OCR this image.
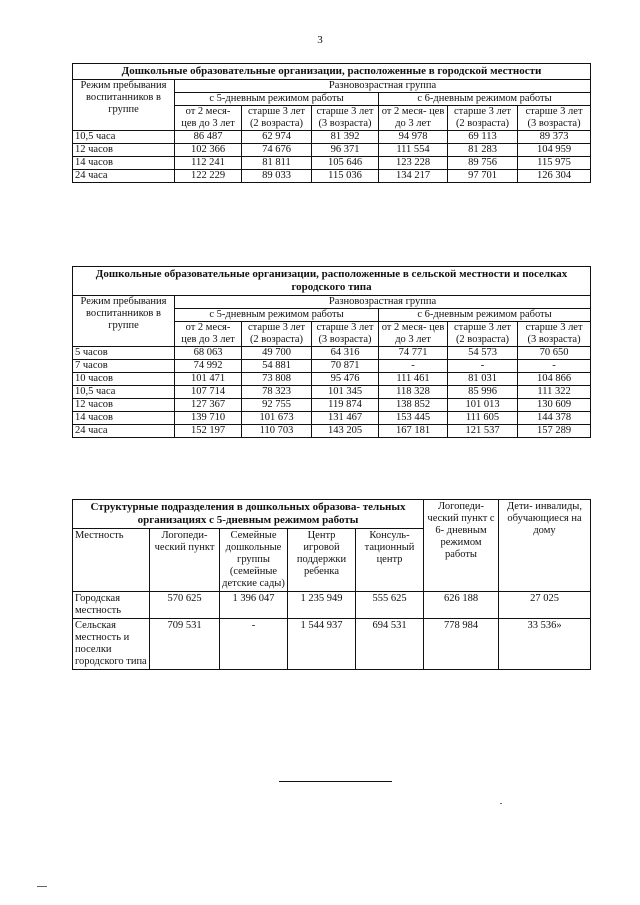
3
Дошкольные образовательные организации, расположенные в городской местности						
Режим пребывания воспитанников в группе	Разновозрастная группа					
	с 5-дневным режимом работы			с 6-дневным режимом работы		
	от 2 меся- цев до 3 лет	старше 3 лет (2 возраста)	старше 3 лет (3 возраста)	от 2 меся- цев до 3 лет	старше 3 лет (2 возраста)	старше 3 лет (3 возраста)
10,5 часа	86 487	62 974	81 392	94 978	69 113	89 373
12 часов	102 366	74 676	96 371	111 554	81 283	104 959
14 часов	112 241	81 811	105 646	123 228	89 756	115 975
24 часа	122 229	89 033	115 036	134 217	97 701	126 304
Дошкольные образовательные организации, расположенные в сельской местности и поселках городского типа						
Режим пребывания воспитанников в группе	Разновозрастная группа					
	с 5-дневным режимом работы			с 6-дневным режимом работы		
	от 2 меся- цев до 3 лет	старше 3 лет (2 возраста)	старше 3 лет (3 возраста)	от 2 меся- цев до 3 лет	старше 3 лет (2 возраста)	старше 3 лет (3 возраста)
5 часов	68 063	49 700	64 316	74 771	54 573	70 650
7 часов	74 992	54 881	70 871	-	-	-
10 часов	101 471	73 808	95 476	111 461	81 031	104 866
10,5 часа	107 714	78 323	101 345	118 328	85 996	111 322
12 часов	127 367	92 755	119 874	138 852	101 013	130 609
14 часов	139 710	101 673	131 467	153 445	111 605	144 378
24 часа	152 197	110 703	143 205	167 181	121 537	157 289
Структурные подразделения в дошкольных образова- тельных организациях с 5-дневным режимом работы					Логопеди- ческий пункт с 6- дневным режимом работы	Дети- инвалиды, обучающиеся на дому
Местность	Логопеди- ческий пункт	Семейные дошкольные группы (семейные детские сады)	Центр игровой поддержки ребенка	Консуль- тационный центр		
Городская местность	570 625	1 396 047	1 235 949	555 625	626 188	27 025
Сельская местность и поселки городского типа	709 531	-	1 544 937	694 531	778 984	33 536»
